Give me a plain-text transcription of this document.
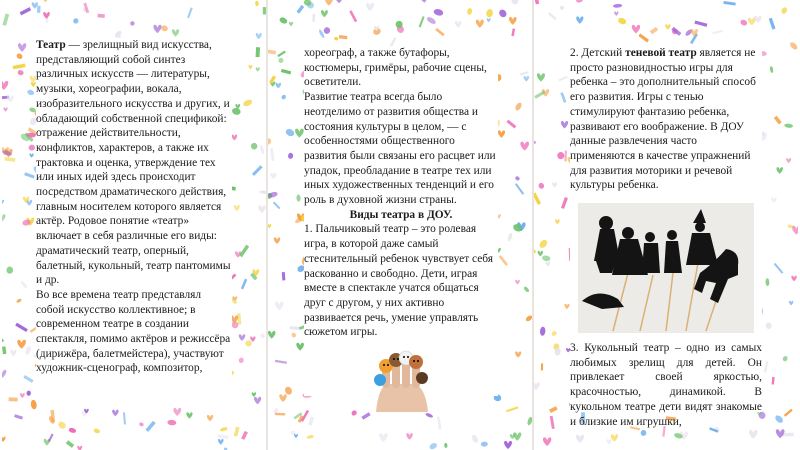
Театр — зрелищный вид искусства, представляющий собой синтез различных искусств — литературы, музыки, хореографии, вокала, изобразительного искусства и других, и обладающий собственной спецификой: отражение действительности, конфликтов, характеров, а также их трактовка и оценка, утверждение тех или иных идей здесь происходит посредством драматического действия, главным носителем которого является актёр. Родовое понятие «театр» включает в себя различные его виды: драматический театр, оперный, балетный, кукольный, театр пантомимы и др.

Во все времена театр представлял собой искусство коллективное; в современном театре в создании спектакля, помимо актёров и режиссёра (дирижёра, балетмейстера), участвуют художник-сценограф, композитор,

хореограф, а также бутафоры, костюмеры, гримёры, рабочие сцены, осветители.

Развитие театра всегда было неотделимо от развития общества и состояния культуры в целом, — с особенностями общественного развития были связаны его расцвет или упадок, преобладание в театре тех или иных художественных тенденций и его роль в духовной жизни страны.

Виды театра в ДОУ.

1. Пальчиковый театр – это ролевая игра, в которой даже самый стеснительный ребенок чувствует себя раскованно и свободно. Дети, играя вместе в спектакле учатся общаться друг с другом, у них активно развивается речь, умение управлять сюжетом игры.

2. Детский теневой театр является не просто разновидностью игры для ребенка – это дополнительный способ его развития. Игры с тенью стимулируют фантазию ребенка, развивают его воображение. В ДОУ данные развлечения часто применяются в качестве упражнений для развития моторики и речевой культуры ребенка.

3. Кукольный театр – одно из самых любимых зрелищ для детей. Он привлекает своей яркостью, красочностью, динамикой. В кукольном театре дети видят знакомые и близкие им игрушки,
